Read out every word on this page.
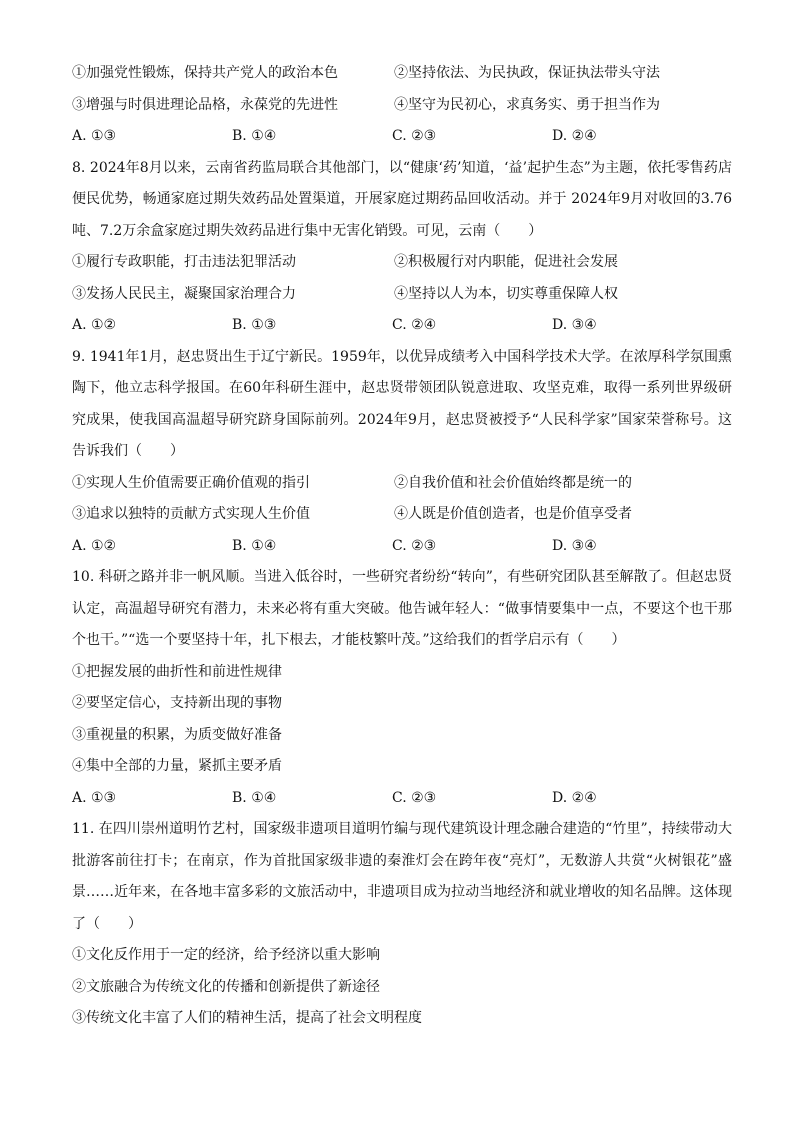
①加强党性锻炼，保持共产党人的政治本色	②坚持依法、为民执政，保证执法带头守法
③增强与时俱进理论品格，永葆党的先进性	④坚守为民初心，求真务实、勇于担当作为
A. ①③	B. ①④	C. ②③	D. ②④
8. 2024年8月以来，云南省药监局联合其他部门，以“健康‘药’知道，‘益’起护生态”为主题，依托零售药店便民优势，畅通家庭过期失效药品处置渠道，开展家庭过期药品回收活动。并于 2024年9月对收回的3.76吨、7.2万余盒家庭过期失效药品进行集中无害化销毁。可见，云南（　　）
①履行专政职能，打击违法犯罪活动	②积极履行对内职能，促进社会发展
③发扬人民民主，凝聚国家治理合力	④坚持以人为本，切实尊重保障人权
A. ①②	B. ①③	C. ②④	D. ③④
9. 1941年1月，赵忠贤出生于辽宁新民。1959年，以优异成绩考入中国科学技术大学。在浓厚科学氛围熏陶下，他立志科学报国。在60年科研生涯中，赵忠贤带领团队锐意进取、攻坚克难，取得一系列世界级研究成果，使我国高温超导研究跻身国际前列。2024年9月，赵忠贤被授予“人民科学家”国家荣誉称号。这告诉我们（　　）
①实现人生价值需要正确价值观的指引	②自我价值和社会价值始终都是统一的
③追求以独特的贡献方式实现人生价值	④人既是价值创造者，也是价值享受者
A. ①②	B. ①④	C. ②③	D. ③④
10. 科研之路并非一帆风顺。当进入低谷时，一些研究者纷纷“转向”，有些研究团队甚至解散了。但赵忠贤认定，高温超导研究有潜力，未来必将有重大突破。他告诫年轻人：“做事情要集中一点，不要这个也干那个也干。”“选一个要坚持十年，扎下根去，才能枝繁叶茂。”这给我们的哲学启示有（　　）
①把握发展的曲折性和前进性规律
②要坚定信心，支持新出现的事物
③重视量的积累，为质变做好准备
④集中全部的力量，紧抓主要矛盾
A. ①③	B. ①④	C. ②③	D. ②④
11. 在四川崇州道明竹艺村，国家级非遗项目道明竹编与现代建筑设计理念融合建造的“竹里”，持续带动大批游客前往打卡；在南京，作为首批国家级非遗的秦淮灯会在跨年夜“亮灯”，无数游人共赏“火树银花”盛景……近年来，在各地丰富多彩的文旅活动中，非遗项目成为拉动当地经济和就业增收的知名品牌。这体现了（　　）
①文化反作用于一定的经济，给予经济以重大影响
②文旅融合为传统文化的传播和创新提供了新途径
③传统文化丰富了人们的精神生活，提高了社会文明程度
